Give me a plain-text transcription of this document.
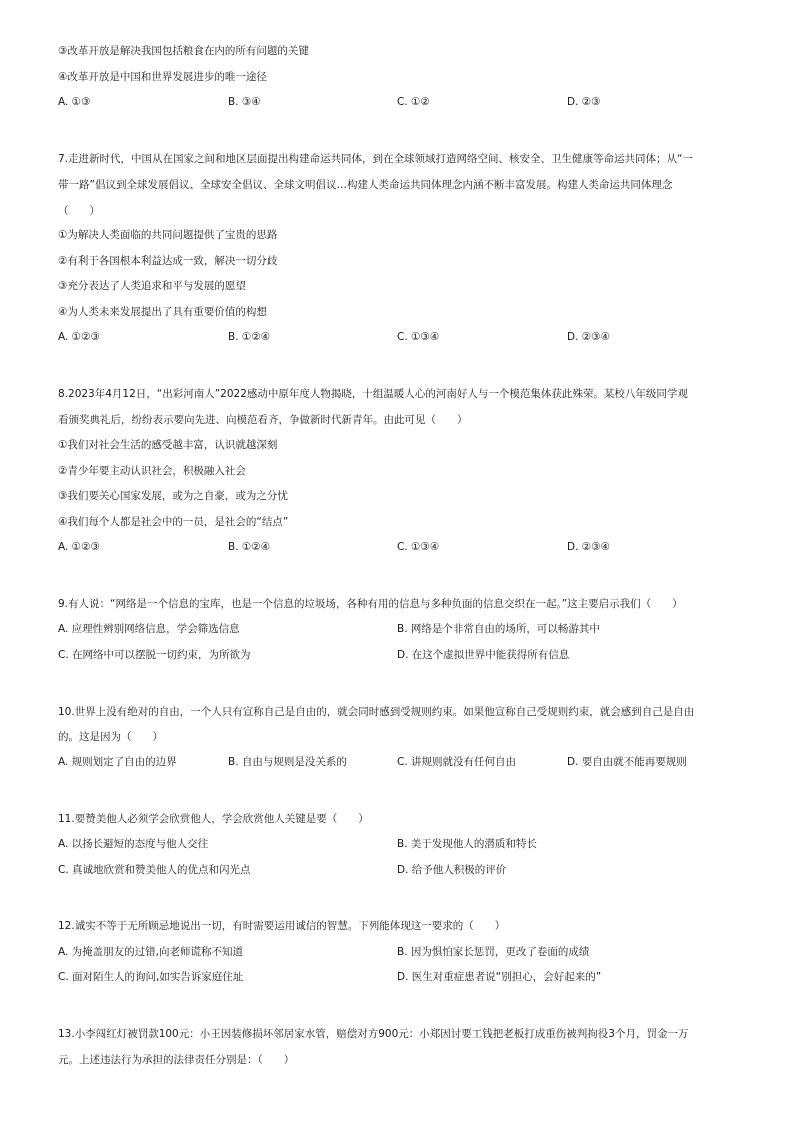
③改革开放是解决我国包括粮食在内的所有问题的关键
④改革开放是中国和世界发展进步的唯一途径
A. ①③	B. ③④	C. ①②	D. ②③
7.走进新时代，中国从在国家之间和地区层面提出构建命运共同体，到在全球领域打造网络空间、核安全、卫生健康等命运共同体；从“一
带一路”倡议到全球发展倡议、全球安全倡议、全球文明倡议…构建人类命运共同体理念内涵不断丰富发展。构建人类命运共同体理念
（　　）
①为解决人类面临的共同问题提供了宝贵的思路
②有利于各国根本利益达成一致，解决一切分歧
③充分表达了人类追求和平与发展的愿望
④为人类未来发展提出了具有重要价值的构想
A. ①②③	B. ①②④	C. ①③④	D. ②③④
8.2023年4月12日，“出彩河南人”2022感动中原年度人物揭晓，十组温暖人心的河南好人与一个模范集体获此殊荣。某校八年级同学观
看颁奖典礼后，纷纷表示要向先进、向模范看齐，争做新时代新青年。由此可见（　　）
①我们对社会生活的感受越丰富，认识就越深刻
②青少年要主动认识社会，积极融入社会
③我们要关心国家发展，或为之自豪，或为之分忧
④我们每个人都是社会中的一员，是社会的“结点”
A. ①②③	B. ①②④	C. ①③④	D. ②③④
9.有人说：“网络是一个信息的宝库，也是一个信息的垃圾场，各种有用的信息与多种负面的信息交织在一起。”这主要启示我们（　　）
A. 应理性辨别网络信息，学会筛选信息	B. 网络是个非常自由的场所，可以畅游其中
C. 在网络中可以摆脱一切约束，为所欲为	D. 在这个虚拟世界中能获得所有信息
10.世界上没有绝对的自由，一个人只有宣称自己是自由的，就会同时感到受规则约束。如果他宣称自己受规则约束，就会感到自己是自由
的。这是因为（　　）
A. 规则划定了自由的边界	B. 自由与规则是没关系的	C. 讲规则就没有任何自由	D. 要自由就不能再要规则
11.要赞美他人必须学会欣赏他人，学会欣赏他人关键是要（　　）
A. 以扬长避短的态度与他人交往	B. 美于发现他人的潜质和特长
C. 真诚地欣赏和赞美他人的优点和闪光点	D. 给予他人积极的评价
12.诚实不等于无所顾忌地说出一切，有时需要运用诚信的智慧。下列能体现这一要求的（　　）
A. 为掩盖朋友的过错,向老师谎称不知道	B. 因为惧怕家长惩罚，更改了卷面的成绩
C. 面对陌生人的询问,如实告诉家庭住址	D. 医生对重症患者说“别担心，会好起来的”
13.小李闯红灯被罚款100元：小王因装修损坏邻居家水管，赔偿对方900元：小郑因讨要工钱把老板打成重伤被判拘役3个月，罚金一万
元。上述违法行为承担的法律责任分别是：（　　）
